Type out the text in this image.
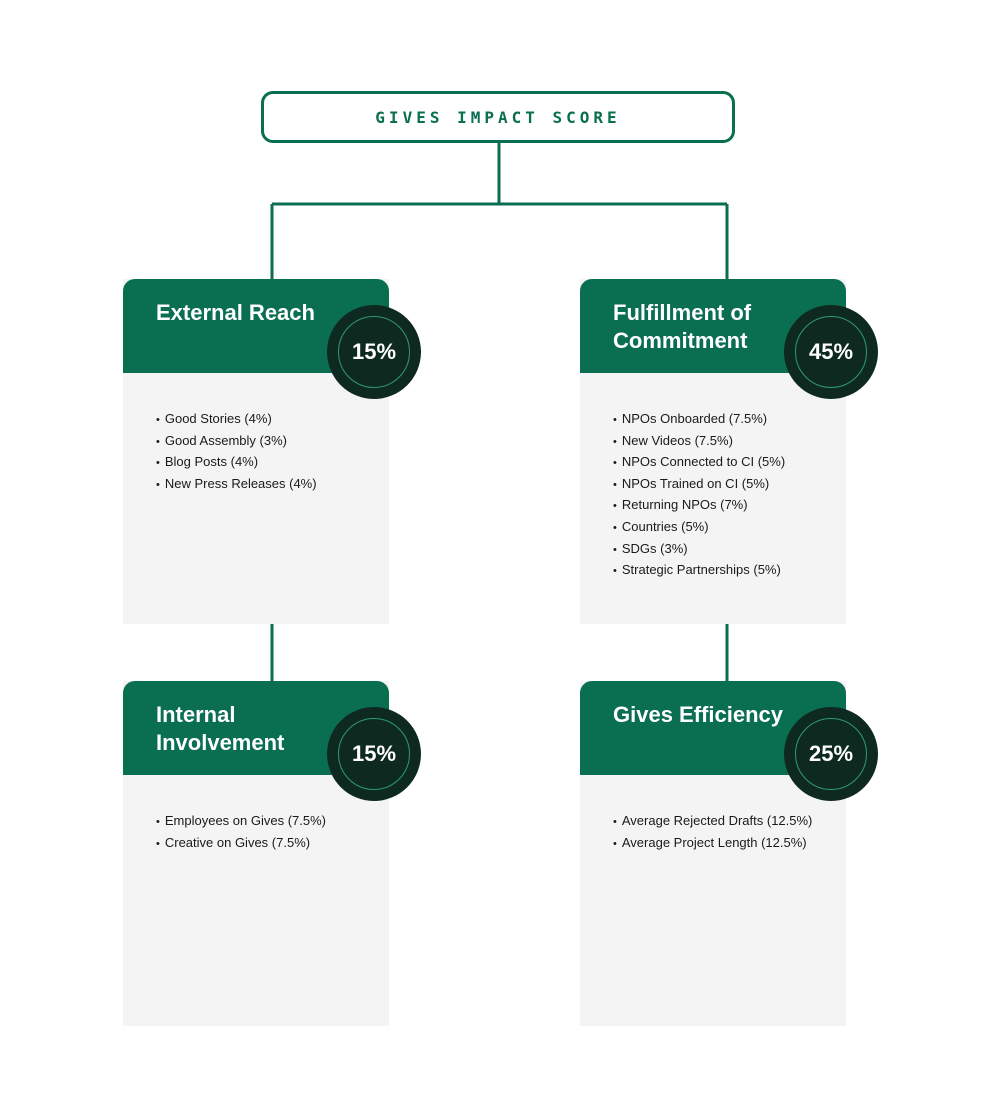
GIVES IMPACT SCORE
External Reach
15%
• Good Stories (4%)
• Good Assembly (3%)
• Blog Posts (4%)
• New Press Releases (4%)
Fulfillment of Commitment	45%
• NPOs Onboarded (7.5%)
• New Videos (7.5%)
• NPOs Connected to CI (5%)
• NPOs Trained on CI (5%)
• Returning NPOs (7%)
• Countries (5%)
• SDGs (3%)
• Strategic Partnerships (5%)
Internal Involvement	15%
• Employees on Gives (7.5%)
• Creative on Gives (7.5%)
Gives Efficiency
25%
• Average Rejected Drafts (12.5%)
• Average Project Length (12.5%)
